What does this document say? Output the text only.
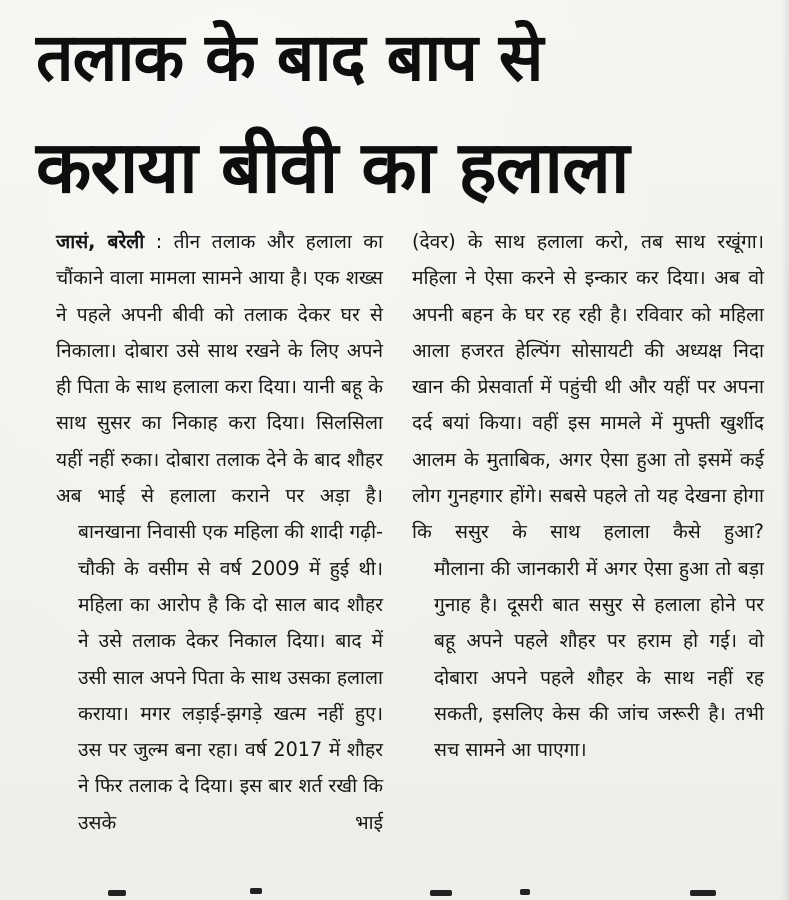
तलाक के बाद बाप से
कराया बीवी का हलाला

जासं, बरेली : तीन तलाक और हलाला का चौंकाने वाला मामला सामने आया है। एक शख्स ने पहले अपनी बीवी को तलाक देकर घर से निकाला। दोबारा उसे साथ रखने के लिए अपने ही पिता के साथ हलाला करा दिया। यानी बहू के साथ सुसर का निकाह करा दिया। सिलसिला यहीं नहीं रुका। दोबारा तलाक देने के बाद शौहर अब भाई से हलाला कराने पर अड़ा है।

बानखाना निवासी एक महिला की शादी गढ़ी-चौकी के वसीम से वर्ष 2009 में हुई थी। महिला का आरोप है कि दो साल बाद शौहर ने उसे तलाक देकर निकाल दिया। बाद में उसी साल अपने पिता के साथ उसका हलाला कराया। मगर लड़ाई-झगड़े खत्म नहीं हुए। उस पर जुल्म बना रहा। वर्ष 2017 में शौहर ने फिर तलाक दे दिया। इस बार शर्त रखी कि उसके भाई

(देवर) के साथ हलाला करो, तब साथ रखूंगा। महिला ने ऐसा करने से इन्कार कर दिया। अब वो अपनी बहन के घर रह रही है। रविवार को महिला आला हजरत हेल्पिंग सोसायटी की अध्यक्ष निदा खान की प्रेसवार्ता में पहुंची थी और यहीं पर अपना दर्द बयां किया। वहीं इस मामले में मुफ्ती खुर्शीद आलम के मुताबिक, अगर ऐसा हुआ तो इसमें कई लोग गुनहगार होंगे। सबसे पहले तो यह देखना होगा कि ससुर के साथ हलाला कैसे हुआ?

मौलाना की जानकारी में अगर ऐसा हुआ तो बड़ा गुनाह है। दूसरी बात ससुर से हलाला होने पर बहू अपने पहले शौहर पर हराम हो गई। वो दोबारा अपने पहले शौहर के साथ नहीं रह सकती, इसलिए केस की जांच जरूरी है। तभी सच सामने आ पाएगा।
